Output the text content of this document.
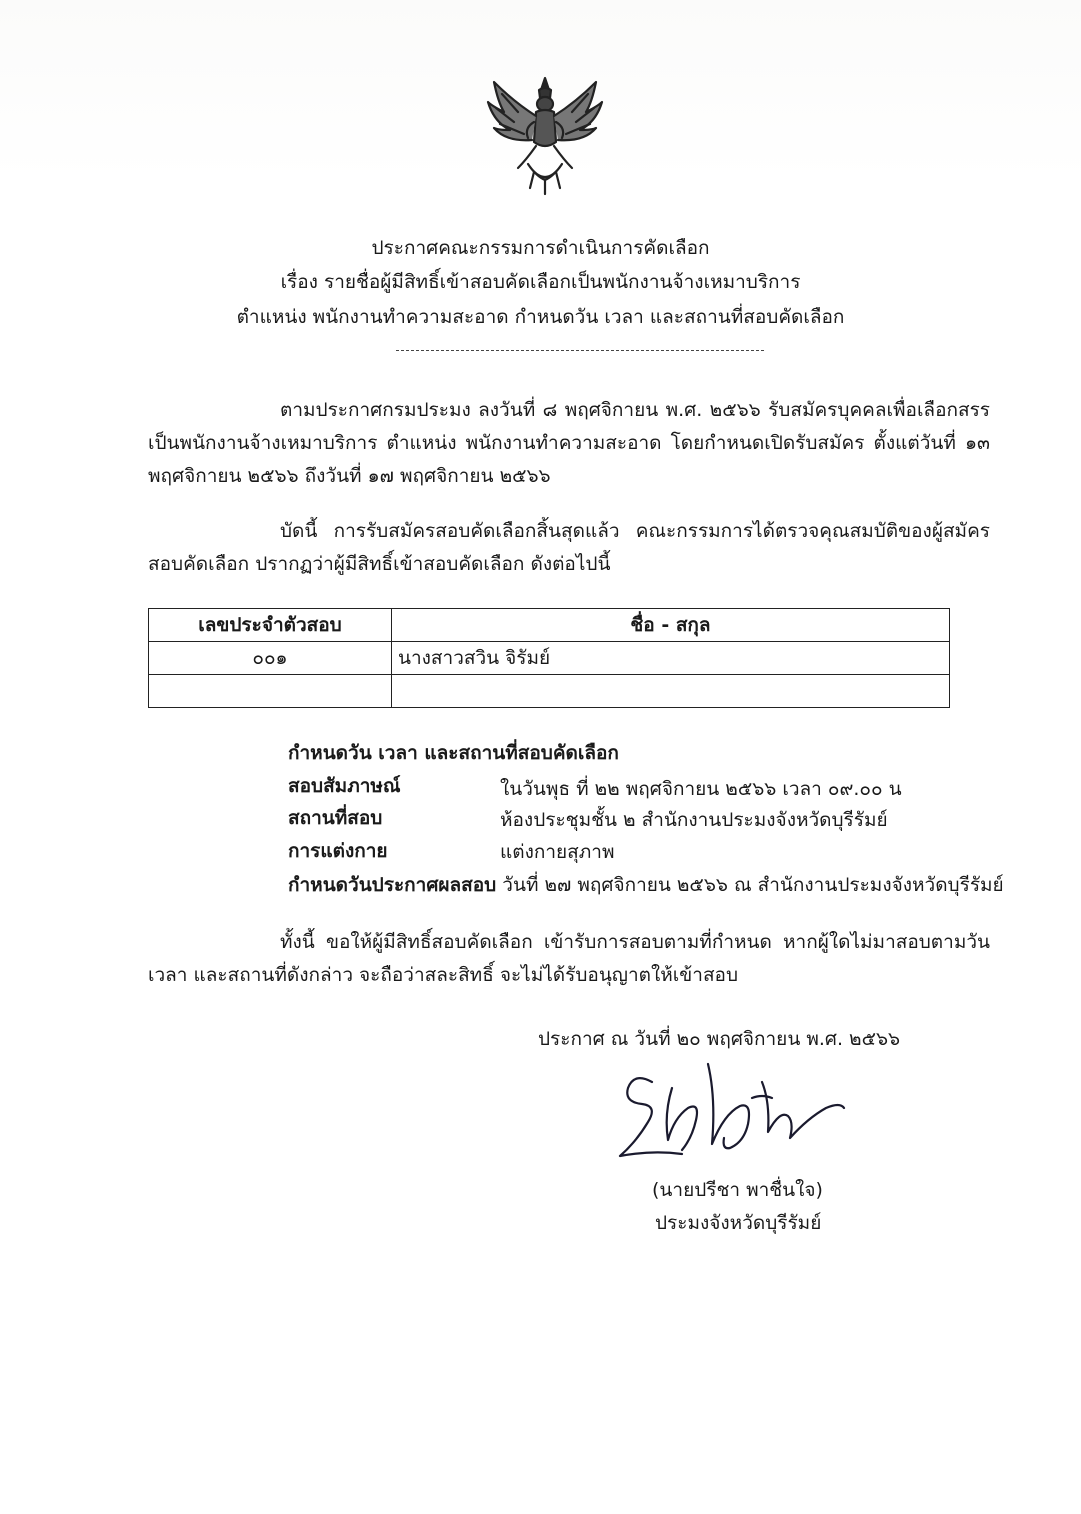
ประกาศคณะกรรมการดำเนินการคัดเลือก
เรื่อง รายชื่อผู้มีสิทธิ์เข้าสอบคัดเลือกเป็นพนักงานจ้างเหมาบริการ
ตำแหน่ง พนักงานทำความสะอาด กำหนดวัน เวลา และสถานที่สอบคัดเลือก
ตามประกาศกรมประมง ลงวันที่ ๘ พฤศจิกายน พ.ศ. ๒๕๖๖ รับสมัครบุคคลเพื่อเลือกสรรเป็นพนักงานจ้างเหมาบริการ ตำแหน่ง พนักงานทำความสะอาด โดยกำหนดเปิดรับสมัคร ตั้งแต่วันที่ ๑๓ พฤศจิกายน ๒๕๖๖ ถึงวันที่ ๑๗ พฤศจิกายน ๒๕๖๖
บัดนี้ การรับสมัครสอบคัดเลือกสิ้นสุดแล้ว คณะกรรมการได้ตรวจคุณสมบัติของผู้สมัครสอบคัดเลือก ปรากฏว่าผู้มีสิทธิ์เข้าสอบคัดเลือก ดังต่อไปนี้
เลขประจำตัวสอบ	ชื่อ - สกุล
๐๐๑	นางสาวสวิน จิรัมย์

กำหนดวัน เวลา และสถานที่สอบคัดเลือก
สอบสัมภาษณ์	ในวันพุธ ที่ ๒๒ พฤศจิกายน ๒๕๖๖ เวลา ๐๙.๐๐ น
สถานที่สอบ	ห้องประชุมชั้น ๒ สำนักงานประมงจังหวัดบุรีรัมย์
การแต่งกาย	แต่งกายสุภาพ
กำหนดวันประกาศผลสอบ วันที่ ๒๗ พฤศจิกายน ๒๕๖๖ ณ สำนักงานประมงจังหวัดบุรีรัมย์
ทั้งนี้ ขอให้ผู้มีสิทธิ์สอบคัดเลือก เข้ารับการสอบตามที่กำหนด หากผู้ใดไม่มาสอบตามวัน เวลา และสถานที่ดังกล่าว จะถือว่าสละสิทธิ์ จะไม่ได้รับอนุญาตให้เข้าสอบ
ประกาศ ณ วันที่ ๒๐ พฤศจิกายน พ.ศ. ๒๕๖๖
(นายปรีชา พาชื่นใจ)
ประมงจังหวัดบุรีรัมย์
